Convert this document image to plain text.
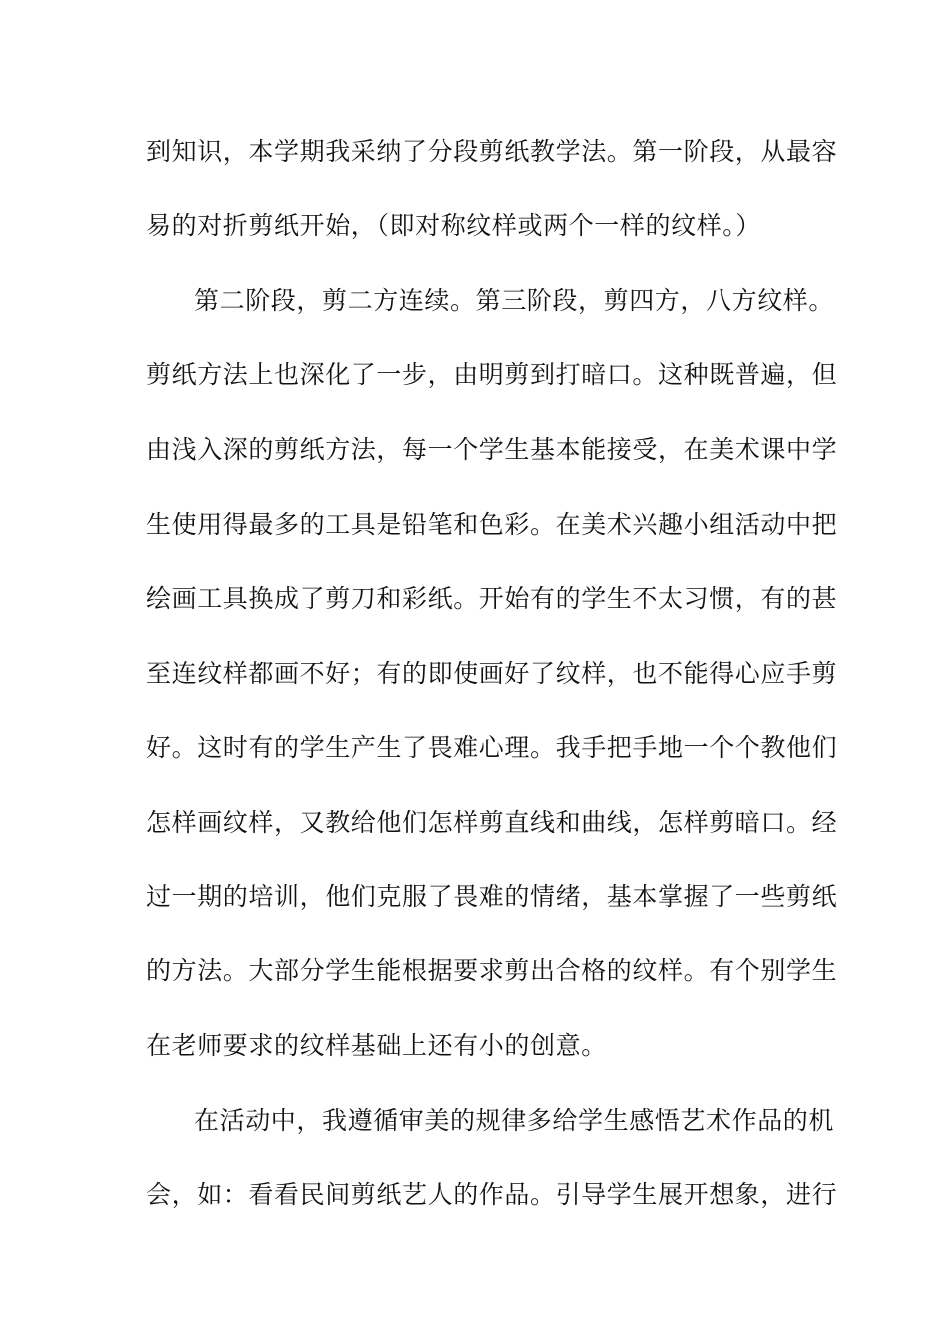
到知识，本学期我采纳了分段剪纸教学法。第一阶段，从最容
易的对折剪纸开始，（即对称纹样或两个一样的纹样。）
第二阶段，剪二方连续。第三阶段，剪四方，八方纹样。
剪纸方法上也深化了一步，由明剪到打暗口。这种既普遍，但
由浅入深的剪纸方法，每一个学生基本能接受，在美术课中学
生使用得最多的工具是铅笔和色彩。在美术兴趣小组活动中把
绘画工具换成了剪刀和彩纸。开始有的学生不太习惯，有的甚
至连纹样都画不好；有的即使画好了纹样，也不能得心应手剪
好。这时有的学生产生了畏难心理。我手把手地一个个教他们
怎样画纹样，又教给他们怎样剪直线和曲线，怎样剪暗口。经
过一期的培训，他们克服了畏难的情绪，基本掌握了一些剪纸
的方法。大部分学生能根据要求剪出合格的纹样。有个别学生
在老师要求的纹样基础上还有小的创意。
在活动中，我遵循审美的规律多给学生感悟艺术作品的机
会，如：看看民间剪纸艺人的作品。引导学生展开想象，进行
